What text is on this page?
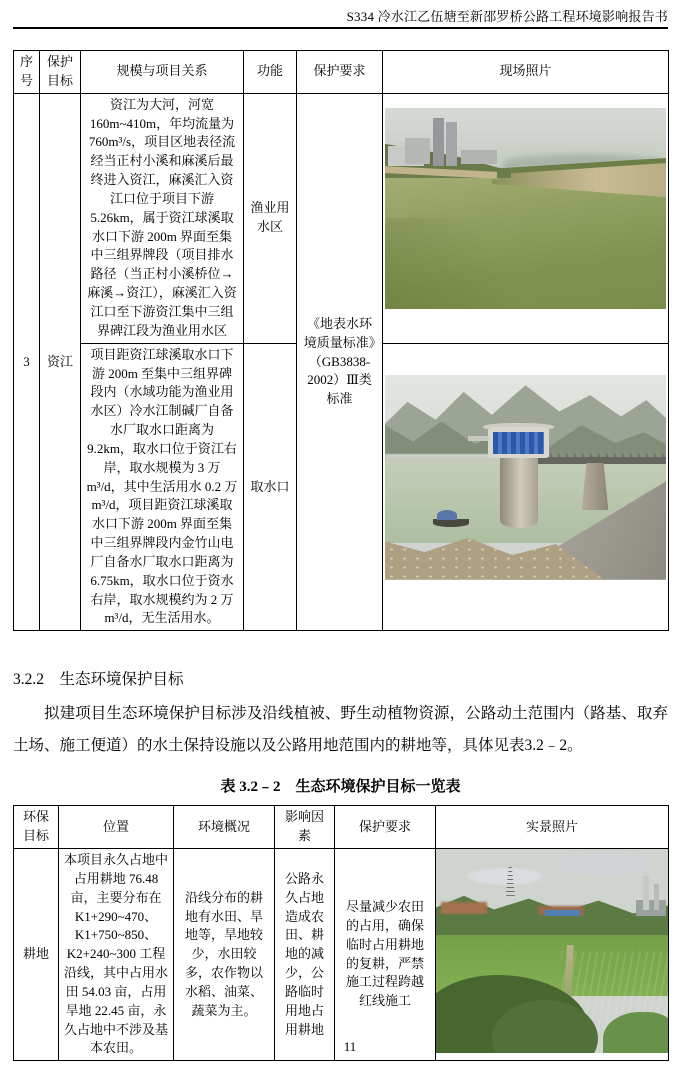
S334 冷水江乙伍塘至新邵罗桥公路工程环境影响报告书
序号	保护目标	规模与项目关系	功能	保护要求	现场照片
3	资江	资江为大河，河宽160m~410m，年均流量为 760m³/s，项目区地表径流经当正村小溪和麻溪后最终进入资江，麻溪汇入资江口位于项目下游 5.26km，属于资江球溪取水口下游 200m 界面至集中三组界牌段（项目排水路径（当正村小溪桥位→麻溪→资江），麻溪汇入资江口至下游资江集中三组界碑江段为渔业用水区	渔业用水区	《地表水环境质量标准》（GB3838-2002）Ⅲ类标准	

		项目距资江球溪取水口下游 200m 至集中三组界碑段内（水域功能为渔业用水区）冷水江制碱厂自备水厂取水口距离为 9.2km，取水口位于资江右岸，取水规模为 3 万 m³/d，其中生活用水 0.2 万 m³/d，项目距资江球溪取水口下游 200m 界面至集中三组界牌段内金竹山电厂自备水厂取水口距离为 6.75km，取水口位于资水右岸，取水规模约为 2 万 m³/d，无生活用水。	取水口		
3.2.2　生态环境保护目标
拟建项目生态环境保护目标涉及沿线植被、野生动植物资源，公路动土范围内（路基、取弃土场、施工便道）的水土保持设施以及公路用地范围内的耕地等，具体见表3.2﹣2。
表 3.2﹣2　生态环境保护目标一览表
环保目标	位置	环境概况	影响因素	保护要求	实景照片
耕地	本项目永久占地中占用耕地 76.48 亩，主要分布在 K1+290~470、K1+750~850、K2+240~300 工程沿线，其中占用水田 54.03 亩，占用旱地 22.45 亩，永久占地中不涉及基本农田。	沿线分布的耕地有水田、旱地等，旱地较少，水田较多，农作物以水稻、油菜、蔬菜为主。	公路永久占地造成农田、耕地的减少，公路临时用地占用耕地	尽量减少农田的占用，确保临时占用耕地的复耕，严禁施工过程跨越红线施工	
11
